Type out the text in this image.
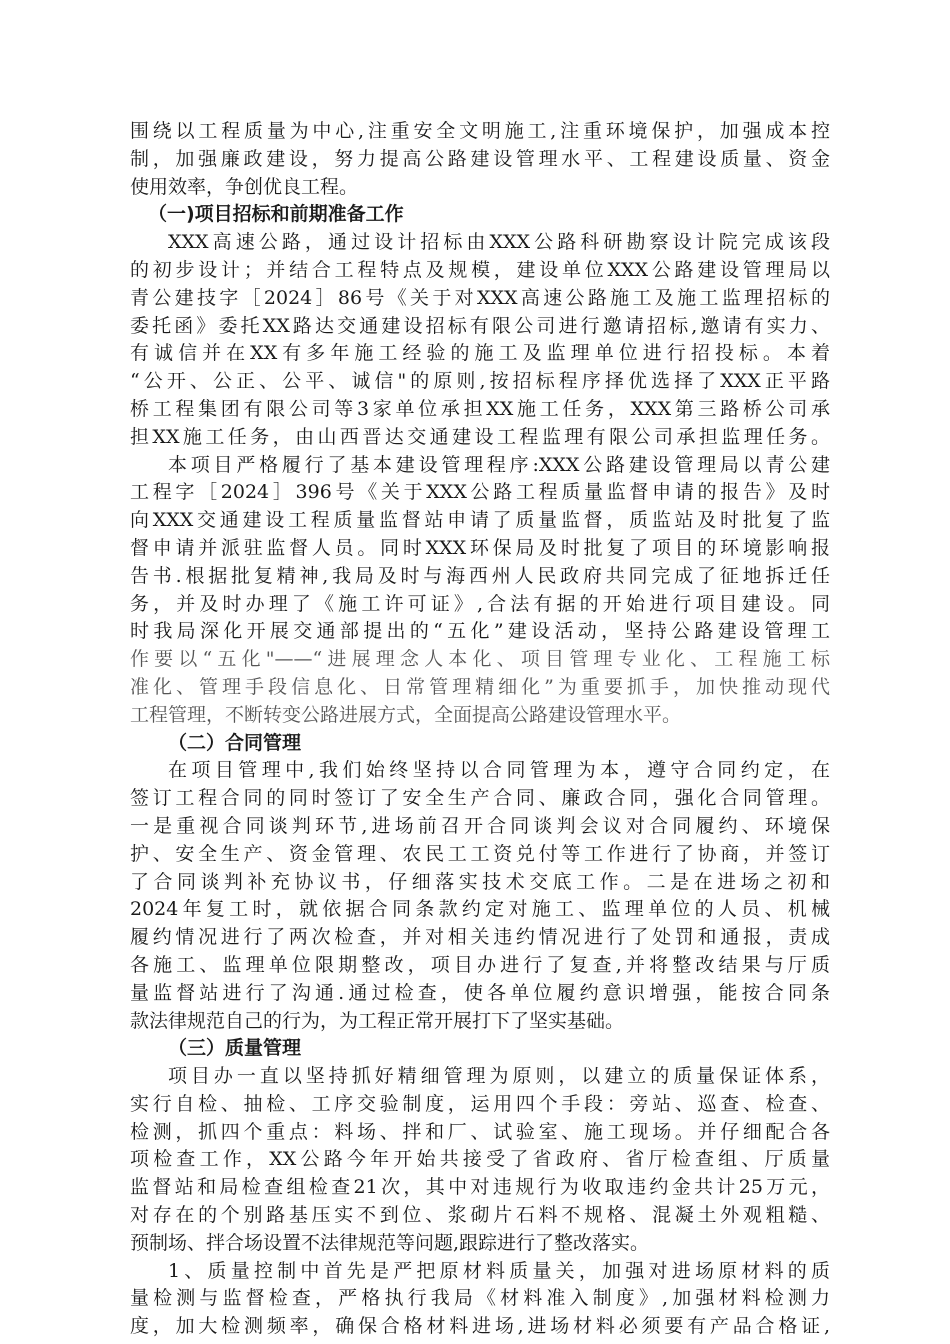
围绕以工程质量为中心,注重安全文明施工,注重环境保护，加强成本控
制，加强廉政建设，努力提高公路建设管理水平、工程建设质量、资金
使用效率，争创优良工程。
（一)项目招标和前期准备工作
XXX高速公路，通过设计招标由XXX公路科研勘察设计院完成该段
的初步设计；并结合工程特点及规模，建设单位XXX公路建设管理局以
青公建技字［2024］86号《关于对XXX高速公路施工及施工监理招标的
委托函》委托XX路达交通建设招标有限公司进行邀请招标,邀请有实力、
有诚信并在XX有多年施工经验的施工及监理单位进行招投标。本着
“公开、公正、公平、诚信"的原则,按招标程序择优选择了XXX正平路
桥工程集团有限公司等3家单位承担XX施工任务，XXX第三路桥公司承
担XX施工任务，由山西晋达交通建设工程监理有限公司承担监理任务。
本项目严格履行了基本建设管理程序:XXX公路建设管理局以青公建
工程字［2024］396号《关于XXX公路工程质量监督申请的报告》及时
向XXX交通建设工程质量监督站申请了质量监督，质监站及时批复了监
督申请并派驻监督人员。同时XXX环保局及时批复了项目的环境影响报
告书.根据批复精神,我局及时与海西州人民政府共同完成了征地拆迁任
务，并及时办理了《施工许可证》,合法有据的开始进行项目建设。同
时我局深化开展交通部提出的“五化”建设活动，坚持公路建设管理工
作要以“五化"——“进展理念人本化、项目管理专业化、工程施工标
准化、管理手段信息化、日常管理精细化”为重要抓手，加快推动现代
工程管理，不断转变公路进展方式，全面提高公路建设管理水平。
（二）合同管理
在项目管理中,我们始终坚持以合同管理为本，遵守合同约定，在
签订工程合同的同时签订了安全生产合同、廉政合同，强化合同管理。
一是重视合同谈判环节,进场前召开合同谈判会议对合同履约、环境保
护、安全生产、资金管理、农民工工资兑付等工作进行了协商，并签订
了合同谈判补充协议书，仔细落实技术交底工作。二是在进场之初和
2024年复工时，就依据合同条款约定对施工、监理单位的人员、机械
履约情况进行了两次检查，并对相关违约情况进行了处罚和通报，责成
各施工、监理单位限期整改，项目办进行了复查,并将整改结果与厅质
量监督站进行了沟通.通过检查，使各单位履约意识增强，能按合同条
款法律规范自己的行为，为工程正常开展打下了坚实基础。
（三）质量管理
项目办一直以坚持抓好精细管理为原则，以建立的质量保证体系，
实行自检、抽检、工序交验制度，运用四个手段：旁站、巡查、检查、
检测，抓四个重点：料场、拌和厂、试验室、施工现场。并仔细配合各
项检查工作，XX公路今年开始共接受了省政府、省厅检查组、厅质量
监督站和局检查组检查21次，其中对违规行为收取违约金共计25万元，
对存在的个别路基压实不到位、浆砌片石料不规格、混凝土外观粗糙、
预制场、拌合场设置不法律规范等问题,跟踪进行了整改落实。
1、质量控制中首先是严把原材料质量关，加强对进场原材料的质
量检测与监督检查，严格执行我局《材料准入制度》,加强材料检测力
度，加大检测频率，确保合格材料进场,进场材料必须要有产品合格证,
